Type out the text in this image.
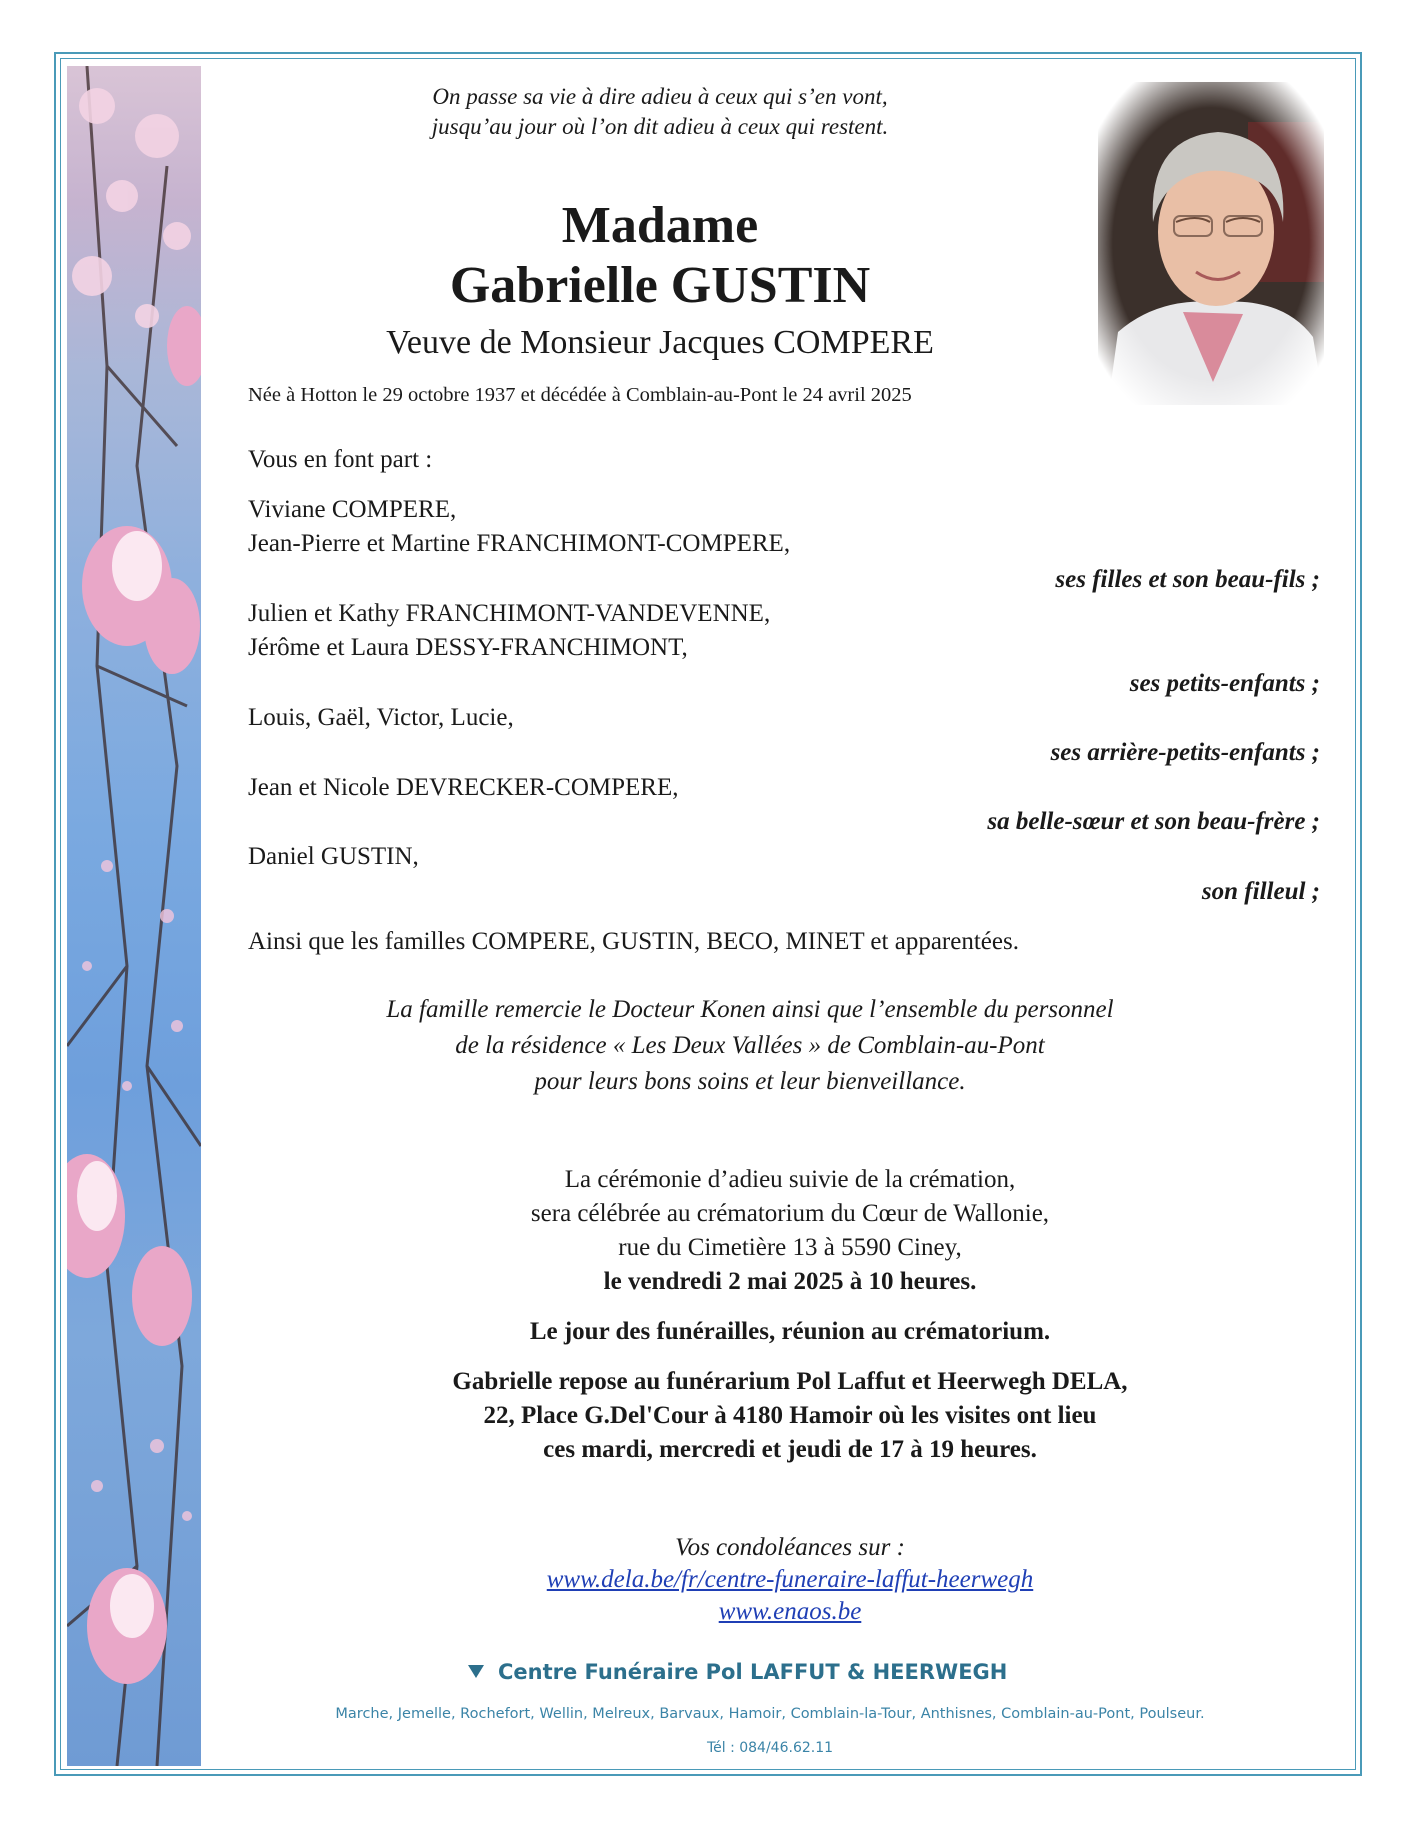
On passe sa vie à dire adieu à ceux qui s’en vont,
jusqu’au jour où l’on dit adieu à ceux qui restent.
Madame
Gabrielle GUSTIN
Veuve de Monsieur Jacques COMPERE
Née à Hotton le 29 octobre 1937 et décédée à Comblain-au-Pont le 24 avril 2025
Vous en font part :
Viviane COMPERE,
Jean-Pierre et Martine FRANCHIMONT-COMPERE,
ses filles et son beau-fils ;
Julien et Kathy FRANCHIMONT-VANDEVENNE,
Jérôme et Laura DESSY-FRANCHIMONT,
ses petits-enfants ;
Louis, Gaël, Victor, Lucie,
ses arrière-petits-enfants ;
Jean et Nicole DEVRECKER-COMPERE,
sa belle-sœur et son beau-frère ;
Daniel GUSTIN,
son filleul ;
Ainsi que les familles COMPERE, GUSTIN, BECO, MINET et apparentées.
La famille remercie le Docteur Konen ainsi que l’ensemble du personnel
de la résidence « Les Deux Vallées » de Comblain-au-Pont
pour leurs bons soins et leur bienveillance.
La cérémonie d’adieu suivie de la crémation,
sera célébrée au crématorium du Cœur de Wallonie,
rue du Cimetière 13 à 5590 Ciney,
le vendredi 2 mai 2025 à 10 heures.
Le jour des funérailles, réunion au crématorium.
Gabrielle repose au funérarium Pol Laffut et Heerwegh DELA,
22, Place G.Del'Cour à 4180 Hamoir où les visites ont lieu
ces mardi, mercredi et jeudi de 17 à 19 heures.
Vos condoléances sur :
www.dela.be/fr/centre-funeraire-laffut-heerwegh
www.enaos.be
Centre Funéraire Pol LAFFUT & HEERWEGH
Marche, Jemelle, Rochefort, Wellin, Melreux, Barvaux, Hamoir, Comblain-la-Tour, Anthisnes, Comblain-au-Pont, Poulseur.
Tél : 084/46.62.11
